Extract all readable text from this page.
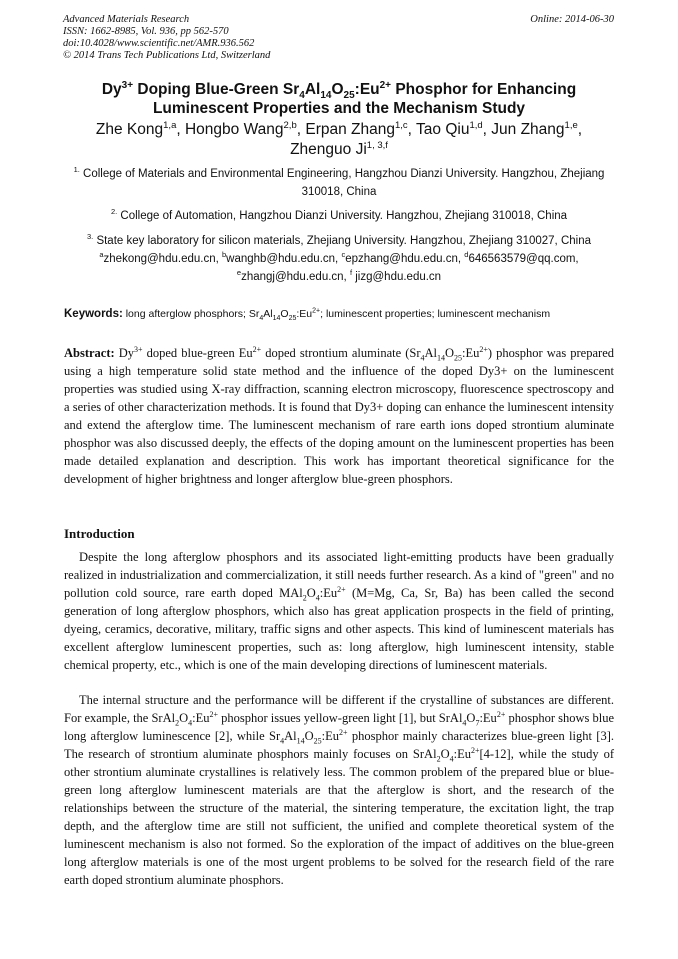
Advanced Materials Research
ISSN: 1662-8985, Vol. 936, pp 562-570
doi:10.4028/www.scientific.net/AMR.936.562
© 2014 Trans Tech Publications Ltd, Switzerland
Online: 2014-06-30
$Dy^{3+}$ Doping Blue-Green $Sr_4Al_{14}O_{25}:Eu^{2+}$ Phosphor for Enhancing
Luminescent Properties and the Mechanism Study
Zhe Kong$^{1,a}$, Hongbo Wang$^{2,b}$, Erpan Zhang$^{1,c}$, Tao Qiu$^{1,d}$, Jun Zhang$^{1,e}$,
Zhenguo Ji$^{1, 3,f}$
$^{1.}$ College of Materials and Environmental Engineering, Hangzhou Dianzi University. Hangzhou, Zhejiang 310018, China
$^{2.}$ College of Automation, Hangzhou Dianzi University. Hangzhou, Zhejiang 310018, China
$^{3.}$ State key laboratory for silicon materials, Zhejiang University. Hangzhou, Zhejiang 310027, China
$^a$zhekong@hdu.edu.cn, $^b$wanghb@hdu.edu.cn, $^c$epzhang@hdu.edu.cn, $^d$646563579@qq.com,
$^e$zhangj@hdu.edu.cn, $^f$ jizg@hdu.edu.cn
Keywords: long afterglow phosphors; $Sr_4Al_{14}O_{25}:Eu^{2+}$; luminescent properties; luminescent mechanism
Abstract: $Dy^{3+}$ doped blue-green $Eu^{2+}$ doped strontium aluminate $(Sr_4Al_{14}O_{25}:Eu^{2+})$ phosphor was prepared using a high temperature solid state method and the influence of the doped Dy3+ on the luminescent properties was studied using X-ray diffraction, scanning electron microscopy, fluorescence spectroscopy and a series of other characterization methods. It is found that Dy3+ doping can enhance the luminescent intensity and extend the afterglow time. The luminescent mechanism of rare earth ions doped strontium aluminate phosphor was also discussed deeply, the effects of the doping amount on the luminescent properties has been made detailed explanation and description. This work has important theoretical significance for the development of higher brightness and longer afterglow blue-green phosphors.
Introduction
Despite the long afterglow phosphors and its associated light-emitting products have been gradually realized in industrialization and commercialization, it still needs further research. As a kind of "green" and no pollution cold source, rare earth doped $MAl_2O_4:Eu^{2+}$ (M=Mg, Ca, Sr, Ba) has been called the second generation of long afterglow phosphors, which also has great application prospects in the field of printing, dyeing, ceramics, decorative, military, traffic signs and other aspects. This kind of luminescent materials has excellent afterglow luminescent properties, such as: long afterglow, high luminescent intensity, stable chemical property, etc., which is one of the main developing directions of luminescent materials.
The internal structure and the performance will be different if the crystalline of substances are different. For example, the $SrAl_2O_4:Eu^{2+}$ phosphor issues yellow-green light [1], but $SrAl_4O_7:Eu^{2+}$ phosphor shows blue long afterglow luminescence [2], while $Sr_4Al_{14}O_{25}:Eu^{2+}$ phosphor mainly characterizes blue-green light [3]. The research of strontium aluminate phosphors mainly focuses on $SrAl_2O_4:Eu^{2+}[4-12]$, while the study of other strontium aluminate crystallines is relatively less. The common problem of the prepared blue or blue-green long afterglow luminescent materials are that the afterglow is short, and the research of the relationships between the structure of the material, the sintering temperature, the excitation light, the trap depth, and the afterglow time are still not sufficient, the unified and complete theoretical system of the luminescent mechanism is also not formed. So the exploration of the impact of additives on the blue-green long afterglow materials is one of the most urgent problems to be solved for the research field of the rare earth doped strontium aluminate phosphors.
